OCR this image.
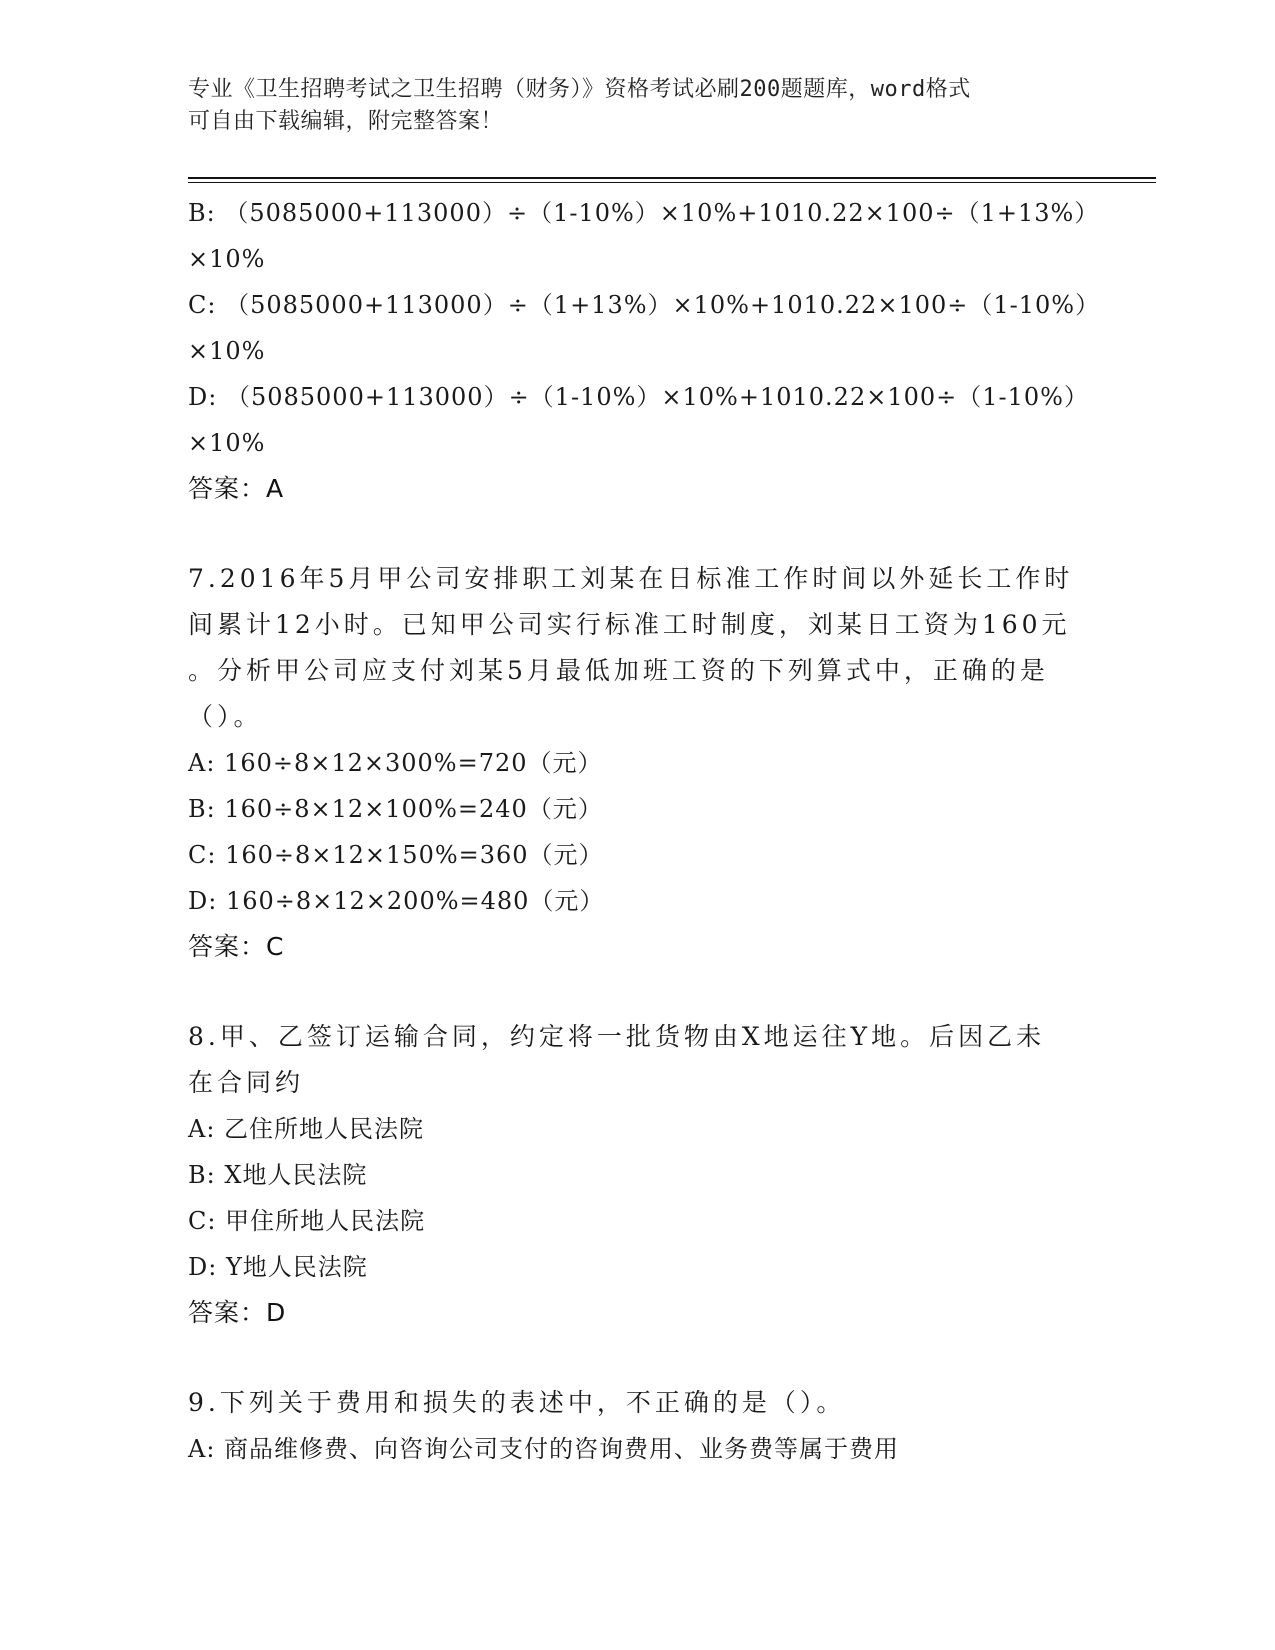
专业《卫生招聘考试之卫生招聘（财务）》资格考试必刷200题题库，word格式
可自由下载编辑，附完整答案！
B: （5085000+113000）÷（1-10%）×10%+1010.22×100÷（1+13%）
×10%
C: （5085000+113000）÷（1+13%）×10%+1010.22×100÷（1-10%）
×10%
D: （5085000+113000）÷（1-10%）×10%+1010.22×100÷（1-10%）
×10%
答案：A
7.2016年5月甲公司安排职工刘某在日标准工作时间以外延长工作时
间累计12小时。已知甲公司实行标准工时制度，刘某日工资为160元
。分析甲公司应支付刘某5月最低加班工资的下列算式中，正确的是
（）。
A: 160÷8×12×300%=720（元）
B: 160÷8×12×100%=240（元）
C: 160÷8×12×150%=360（元）
D: 160÷8×12×200%=480（元）
答案：C
8.甲、乙签订运输合同，约定将一批货物由X地运往Y地。后因乙未
在合同约
A: 乙住所地人民法院
B: X地人民法院
C: 甲住所地人民法院
D: Y地人民法院
答案：D
9.下列关于费用和损失的表述中，不正确的是（）。
A: 商品维修费、向咨询公司支付的咨询费用、业务费等属于费用
